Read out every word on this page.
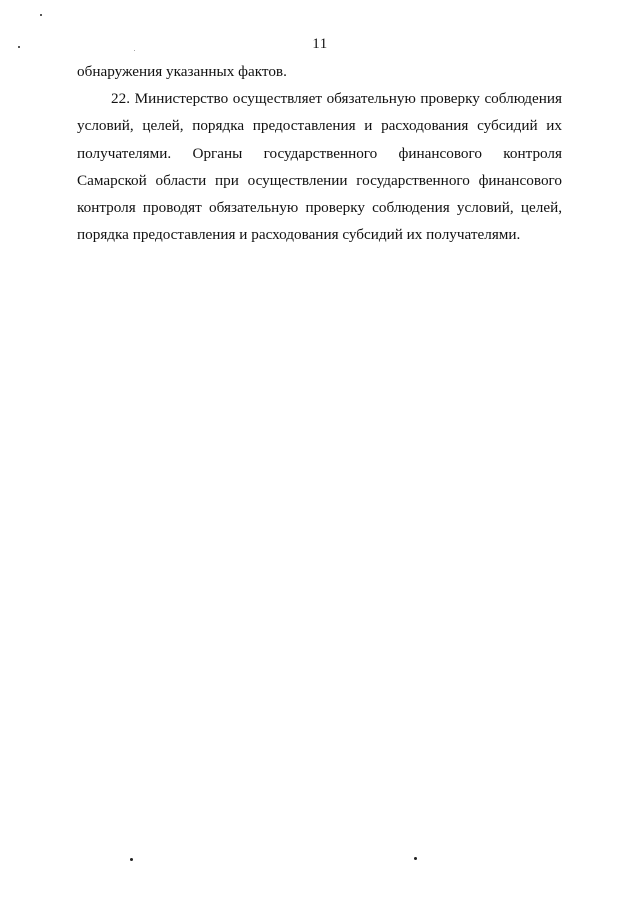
11
обнаружения указанных фактов.
22. Министерство осуществляет обязательную проверку соблюдения
условий, целей, порядка предоставления и расходования субсидий их
получателями. Органы государственного финансового контроля
Самарской области при осуществлении государственного финансового
контроля проводят обязательную проверку соблюдения условий, целей,
порядка предоставления и расходования субсидий их получателями.
